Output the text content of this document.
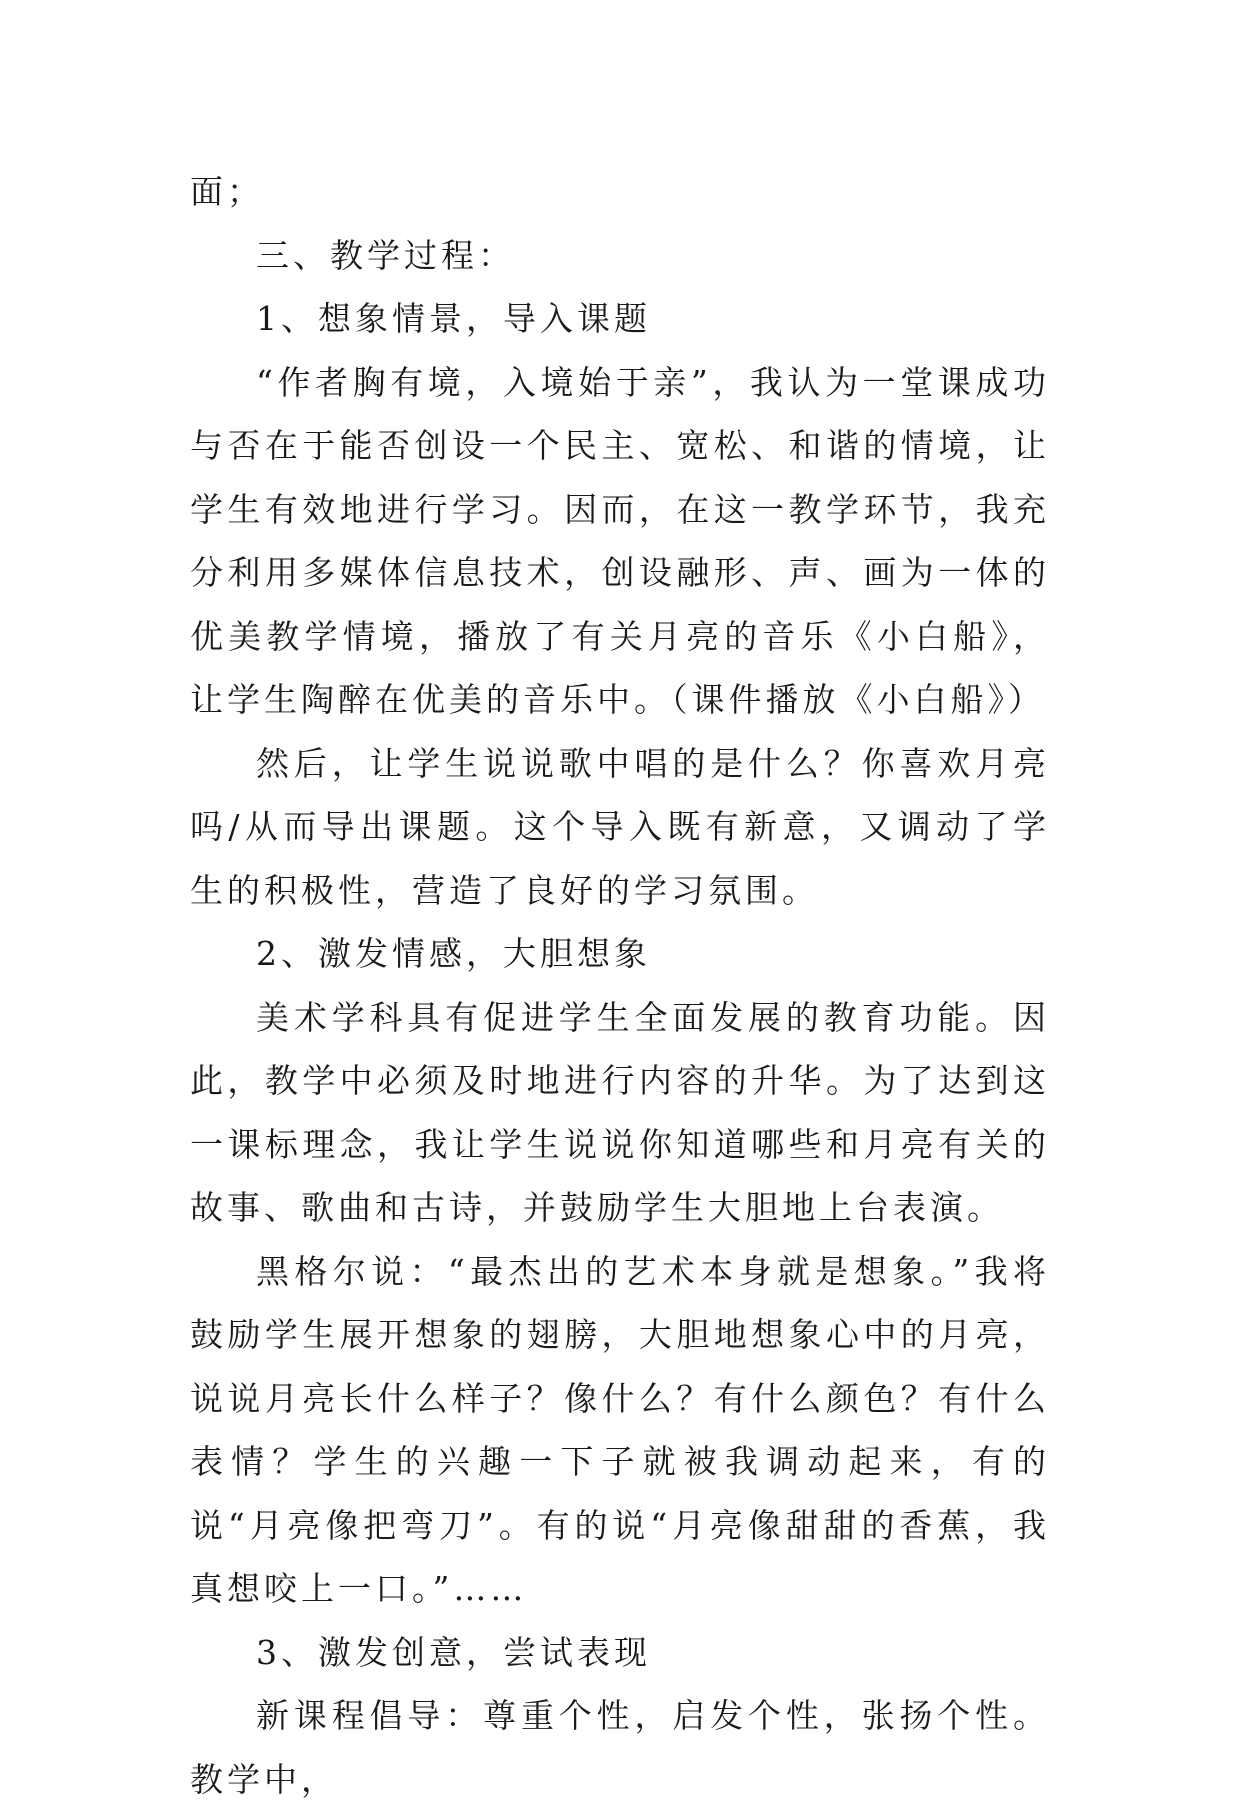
面；

三、教学过程：

1、想象情景，导入课题

“作者胸有境，入境始于亲”，我认为一堂课成功与否在于能否创设一个民主、宽松、和谐的情境，让学生有效地进行学习。因而，在这一教学环节，我充分利用多媒体信息技术，创设融形、声、画为一体的优美教学情境，播放了有关月亮的音乐《小白船》，让学生陶醉在优美的音乐中。（课件播放《小白船》）

然后，让学生说说歌中唱的是什么？你喜欢月亮吗/从而导出课题。这个导入既有新意，又调动了学生的积极性，营造了良好的学习氛围。

2、激发情感，大胆想象

美术学科具有促进学生全面发展的教育功能。因此，教学中必须及时地进行内容的升华。为了达到这一课标理念，我让学生说说你知道哪些和月亮有关的故事、歌曲和古诗，并鼓励学生大胆地上台表演。

黑格尔说：“最杰出的艺术本身就是想象。”我将鼓励学生展开想象的翅膀，大胆地想象心中的月亮，说说月亮长什么样子？像什么？有什么颜色？有什么表情？学生的兴趣一下子就被我调动起来，有的说“月亮像把弯刀”。有的说“月亮像甜甜的香蕉，我真想咬上一口。”……

3、激发创意，尝试表现

新课程倡导：尊重个性，启发个性，张扬个性。教学中，
